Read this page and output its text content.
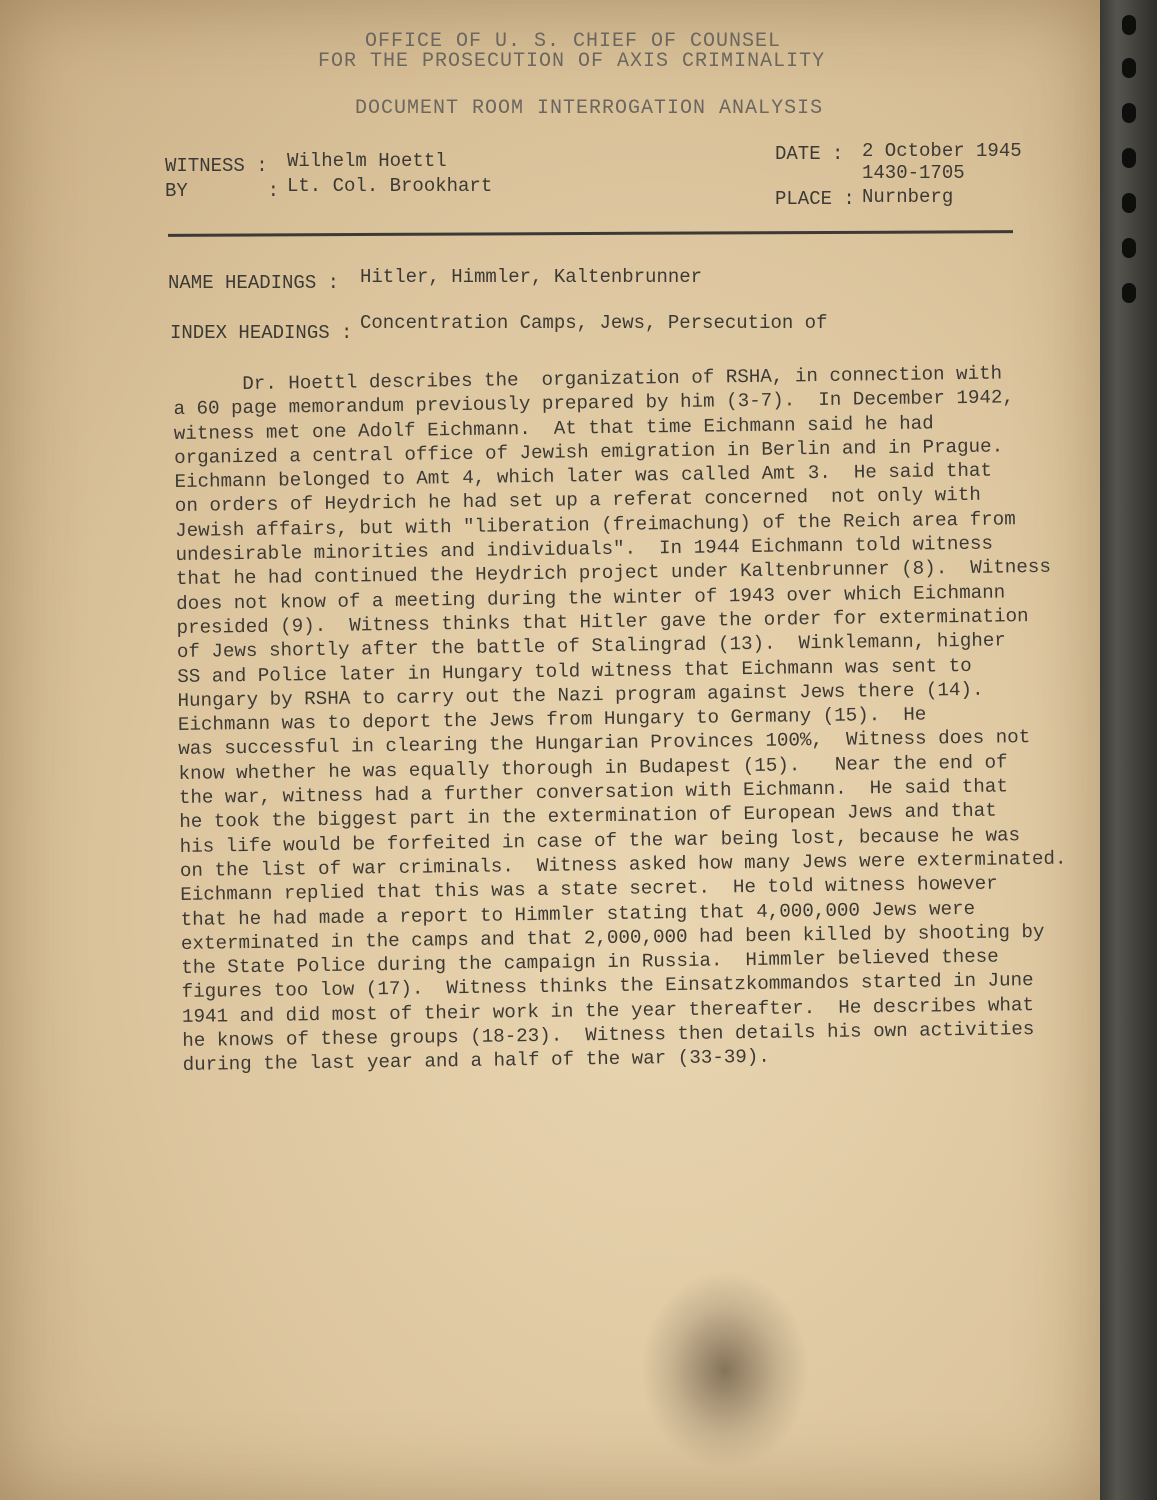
OFFICE OF U. S. CHIEF OF COUNSEL
FOR THE PROSECUTION OF AXIS CRIMINALITY
DOCUMENT ROOM INTERROGATION ANALYSIS
WITNESS : Wilhelm Hoettl
BY       : Lt. Col. Brookhart
DATE : 2 October 1945
1430-1705
PLACE : Nurnberg
NAME HEADINGS : Hitler, Himmler, Kaltenbrunner
INDEX HEADINGS : Concentration Camps, Jews, Persecution of
Dr. Hoettl describes the  organization of RSHA, in connection with
a 60 page memorandum previously prepared by him (3-7).  In December 1942,
witness met one Adolf Eichmann.  At that time Eichmann said he had
organized a central office of Jewish emigration in Berlin and in Prague.
Eichmann belonged to Amt 4, which later was called Amt 3.  He said that
on orders of Heydrich he had set up a referat concerned  not only with
Jewish affairs, but with "liberation (freimachung) of the Reich area from
undesirable minorities and individuals".  In 1944 Eichmann told witness
that he had continued the Heydrich project under Kaltenbrunner (8).  Witness
does not know of a meeting during the winter of 1943 over which Eichmann
presided (9).  Witness thinks that Hitler gave the order for extermination
of Jews shortly after the battle of Stalingrad (13).  Winklemann, higher
SS and Police later in Hungary told witness that Eichmann was sent to
Hungary by RSHA to carry out the Nazi program against Jews there (14).
Eichmann was to deport the Jews from Hungary to Germany (15).  He
was successful in clearing the Hungarian Provinces 100%,  Witness does not
know whether he was equally thorough in Budapest (15).   Near the end of
the war, witness had a further conversation with Eichmann.  He said that
he took the biggest part in the extermination of European Jews and that
his life would be forfeited in case of the war being lost, because he was
on the list of war criminals.  Witness asked how many Jews were exterminated.
Eichmann replied that this was a state secret.  He told witness however
that he had made a report to Himmler stating that 4,000,000 Jews were
exterminated in the camps and that 2,000,000 had been killed by shooting by
the State Police during the campaign in Russia.  Himmler believed these
figures too low (17).  Witness thinks the Einsatzkommandos started in June
1941 and did most of their work in the year thereafter.  He describes what
he knows of these groups (18-23).  Witness then details his own activities
during the last year and a half of the war (33-39).
